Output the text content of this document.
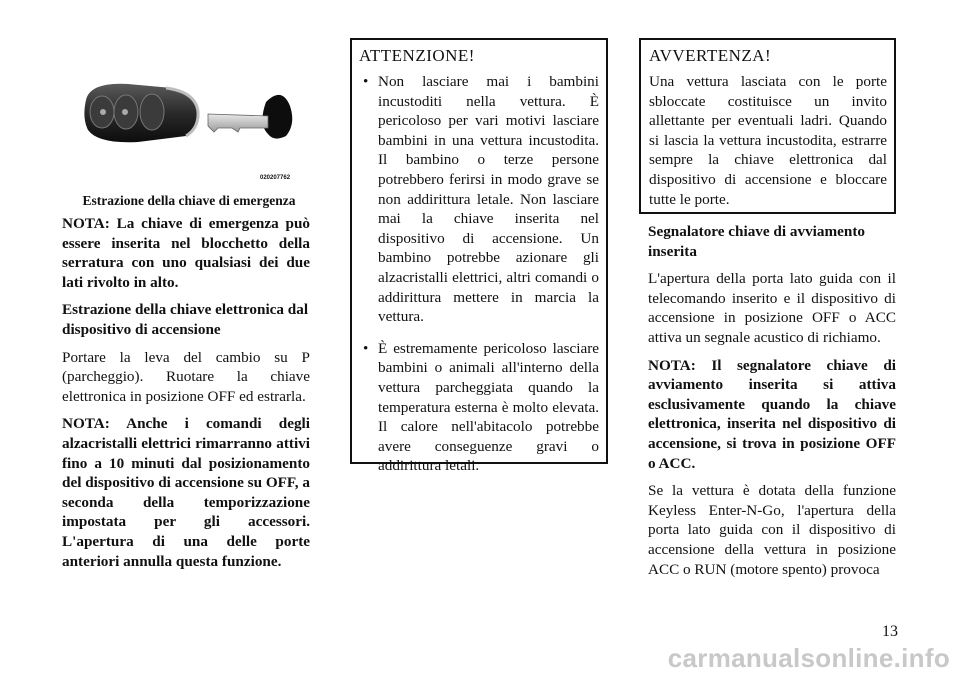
020207762
Estrazione della chiave di emergenza

NOTA: La chiave di emergenza può essere inserita nel blocchetto della serratura con uno qualsiasi dei due lati rivolto in alto.

Estrazione della chiave elettronica dal dispositivo di accensione

Portare la leva del cambio su P (parcheggio). Ruotare la chiave elettronica in posizione OFF ed estrarla.

NOTA: Anche i comandi degli alzacristalli elettrici rimarranno attivi fino a 10 minuti dal posizionamento del dispositivo di accensione su OFF, a seconda della temporizzazione impostata per gli accessori. L'apertura di una delle porte anteriori annulla questa funzione.

ATTENZIONE!

• Non lasciare mai i bambini incustoditi nella vettura. È pericoloso per vari motivi lasciare bambini in una vettura incustodita. Il bambino o terze persone potrebbero ferirsi in modo grave se non addirittura letale. Non lasciare mai la chiave inserita nel dispositivo di accensione. Un bambino potrebbe azionare gli alzacristalli elettrici, altri comandi o addirittura mettere in marcia la vettura.

• È estremamente pericoloso lasciare bambini o animali all'interno della vettura parcheggiata quando la temperatura esterna è molto elevata. Il calore nell'abitacolo potrebbe avere conseguenze gravi o addirittura letali.

AVVERTENZA!

Una vettura lasciata con le porte sbloccate costituisce un invito allettante per eventuali ladri. Quando si lascia la vettura incustodita, estrarre sempre la chiave elettronica dal dispositivo di accensione e bloccare tutte le porte.

Segnalatore chiave di avviamento inserita

L'apertura della porta lato guida con il telecomando inserito e il dispositivo di accensione in posizione OFF o ACC attiva un segnale acustico di richiamo.

NOTA: Il segnalatore chiave di avviamento inserita si attiva esclusivamente quando la chiave elettronica, inserita nel dispositivo di accensione, si trova in posizione OFF o ACC.

Se la vettura è dotata della funzione Keyless Enter-N-Go, l'apertura della porta lato guida con il dispositivo di accensione della vettura in posizione ACC o RUN (motore spento) provoca

13
carmanualsonline.info
